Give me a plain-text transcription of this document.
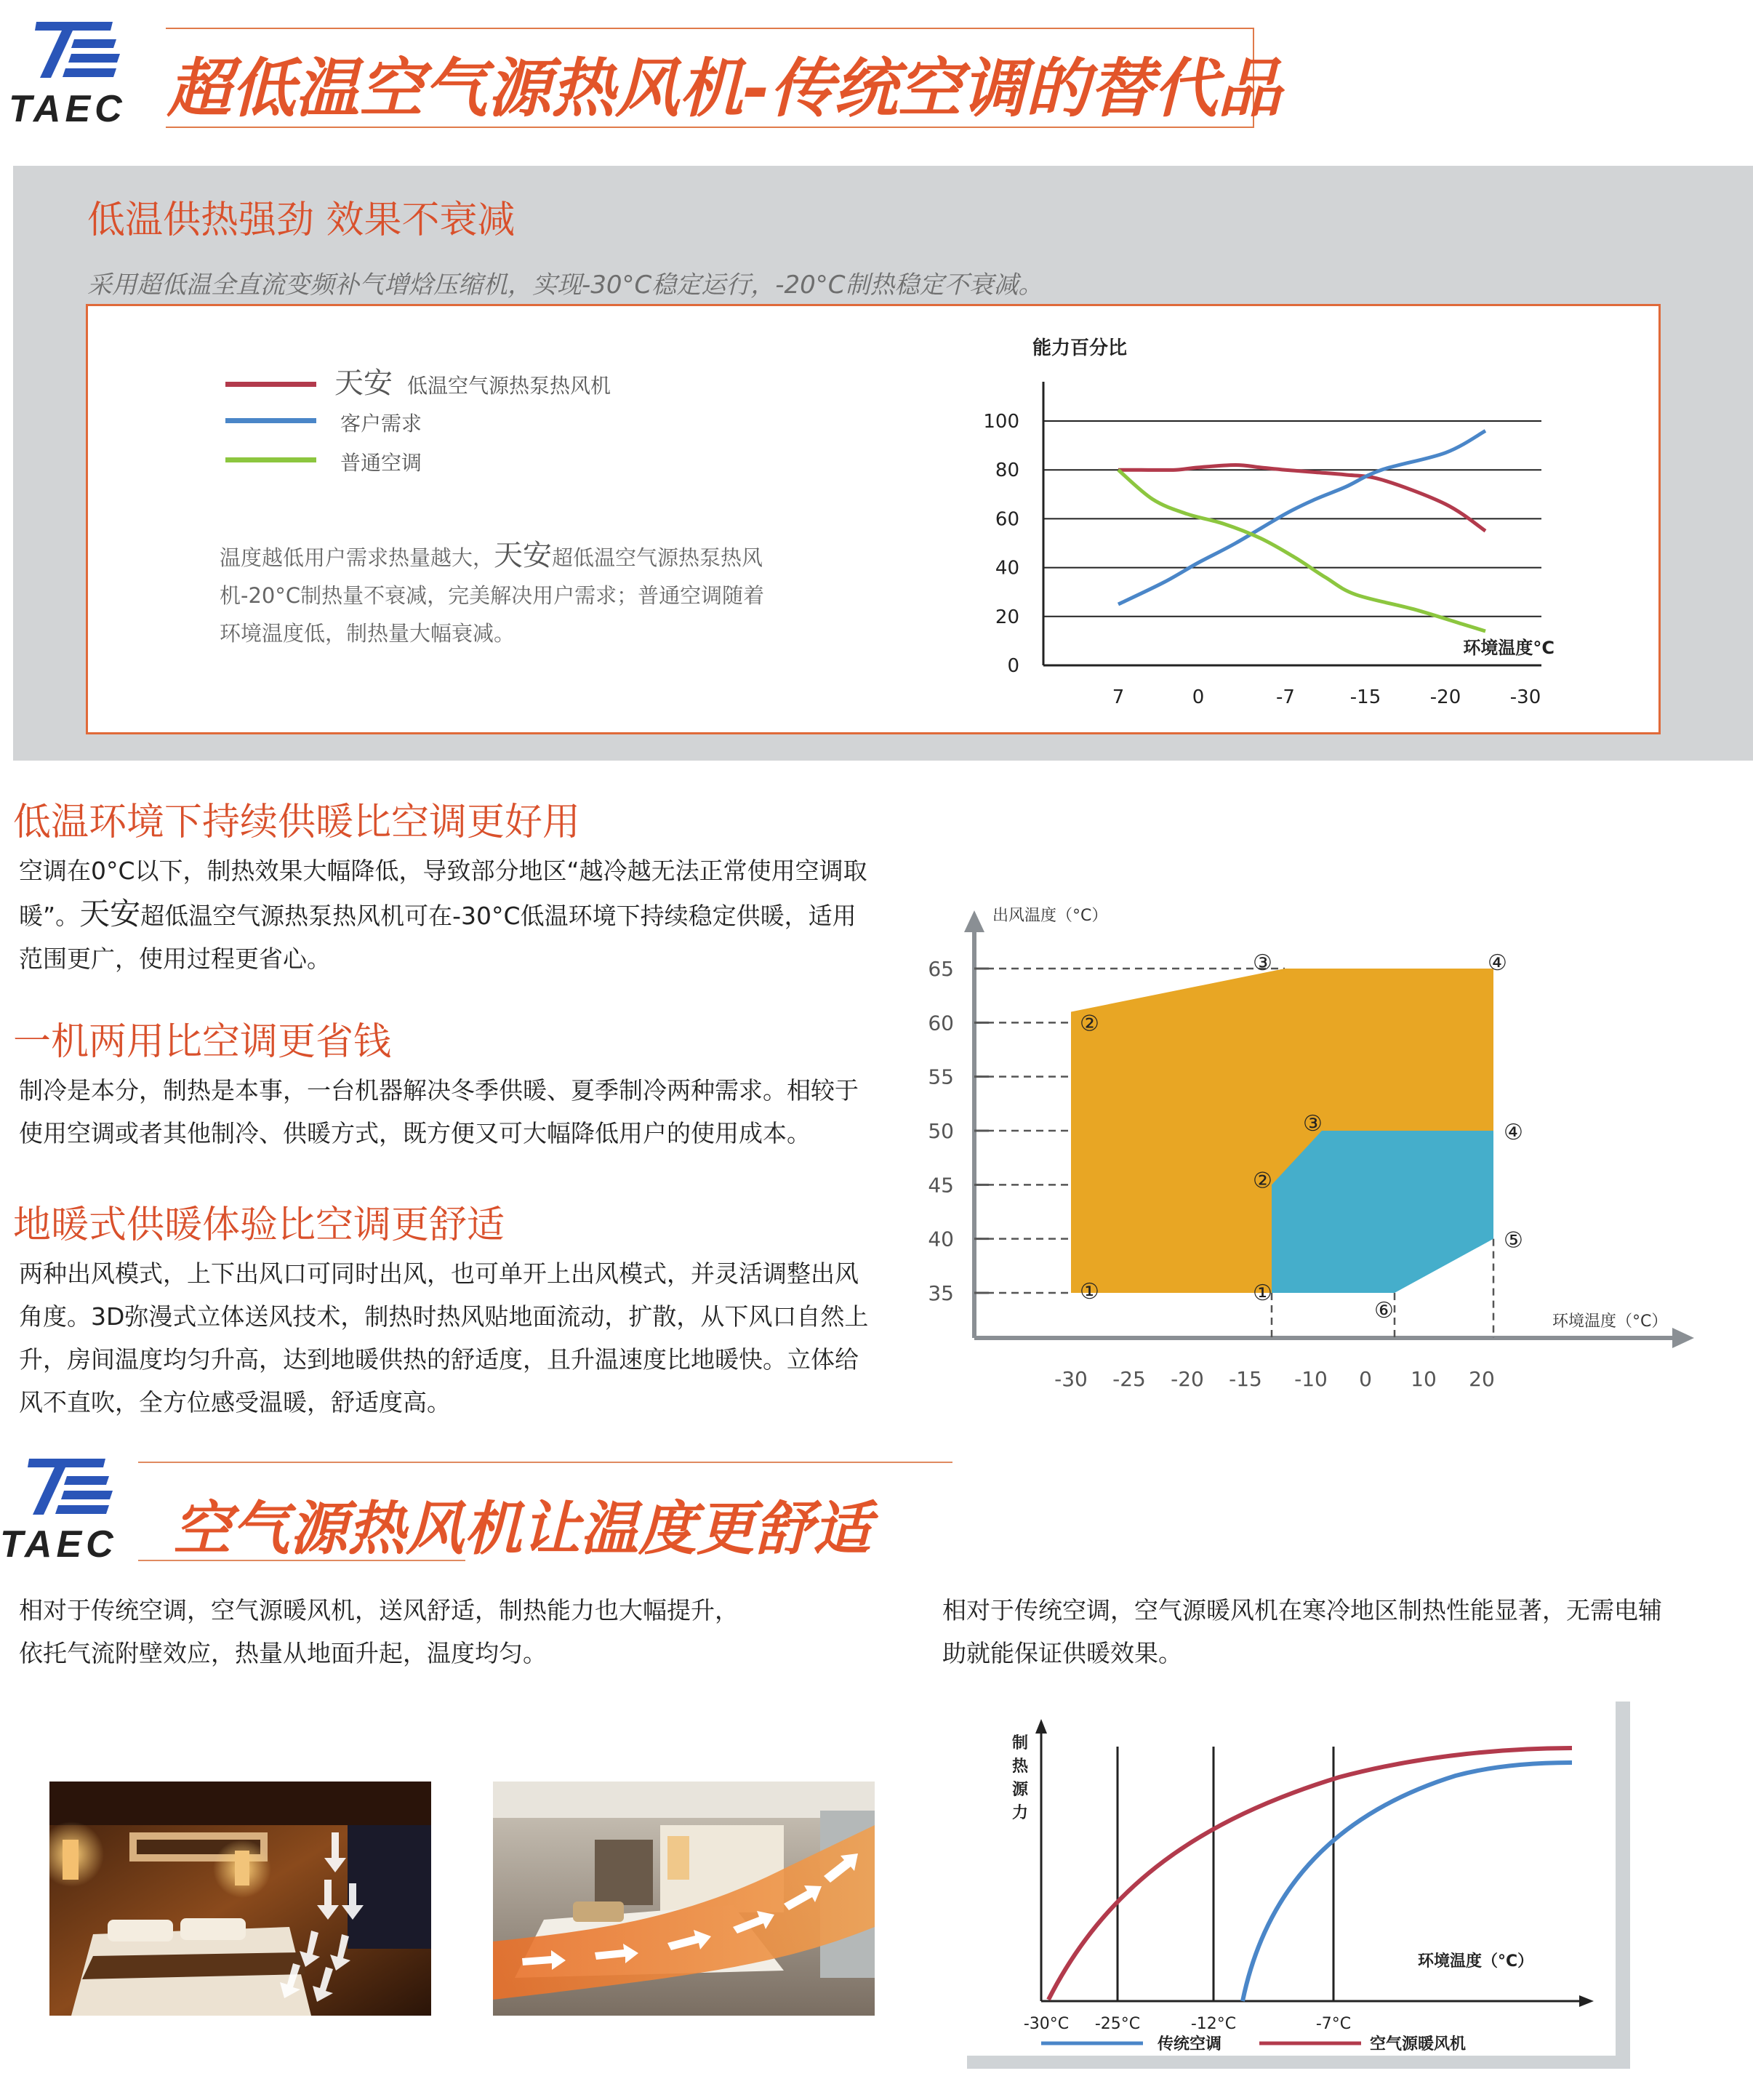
TAEC 超低温空气源热风机-传统空调的替代品
低温供热强劲 效果不衰减
采用超低温全直流变频补气增焓压缩机，实现-30°C稳定运行，-20°C制热稳定不衰减。
天安 低温空气源热泵热风机
客户需求
普通空调
温度越低用户需求热量越大，天安超低温空气源热泵热风
机-20°C制热量不衰减，完美解决用户需求；普通空调随着
环境温度低，制热量大幅衰减。
能力百分比
100
80
60
40
20
0
7	0	-7	-15	-20	-30
环境温度°C
低温环境下持续供暖比空调更好用
空调在0°C以下，制热效果大幅降低，导致部分地区“越冷越无法正常使用空调取
暖”。天安超低温空气源热泵热风机可在-30°C低温环境下持续稳定供暖，适用
范围更广，使用过程更省心。
一机两用比空调更省钱
制冷是本分，制热是本事，一台机器解决冬季供暖、夏季制冷两种需求。相较于
使用空调或者其他制冷、供暖方式，既方便又可大幅降低用户的使用成本。
地暖式供暖体验比空调更舒适
两种出风模式，上下出风口可同时出风，也可单开上出风模式，并灵活调整出风
角度。3D弥漫式立体送风技术，制热时热风贴地面流动，扩散，从下风口自然上
升，房间温度均匀升高，达到地暖供热的舒适度，且升温速度比地暖快。立体给
风不直吹，全方位感受温暖，舒适度高。
出风温度（°C）
环境温度（°C）
65
60
55
50
45
40
35
-30 -25 -20 -15 -10 0 10 20
①
②
③	④
④
①
②
③
⑤
⑥
TAEC 空气源热风机让温度更舒适
相对于传统空调，空气源暖风机，送风舒适，制热能力也大幅提升，
依托气流附壁效应，热量从地面升起，温度均匀。
相对于传统空调，空气源暖风机在寒冷地区制热性能显著，无需电辅
助就能保证供暖效果。
制
热
源
力
环境温度（°C）
-30°C -25°C	-12°C	-7°C
传统空调	空气源暖风机
